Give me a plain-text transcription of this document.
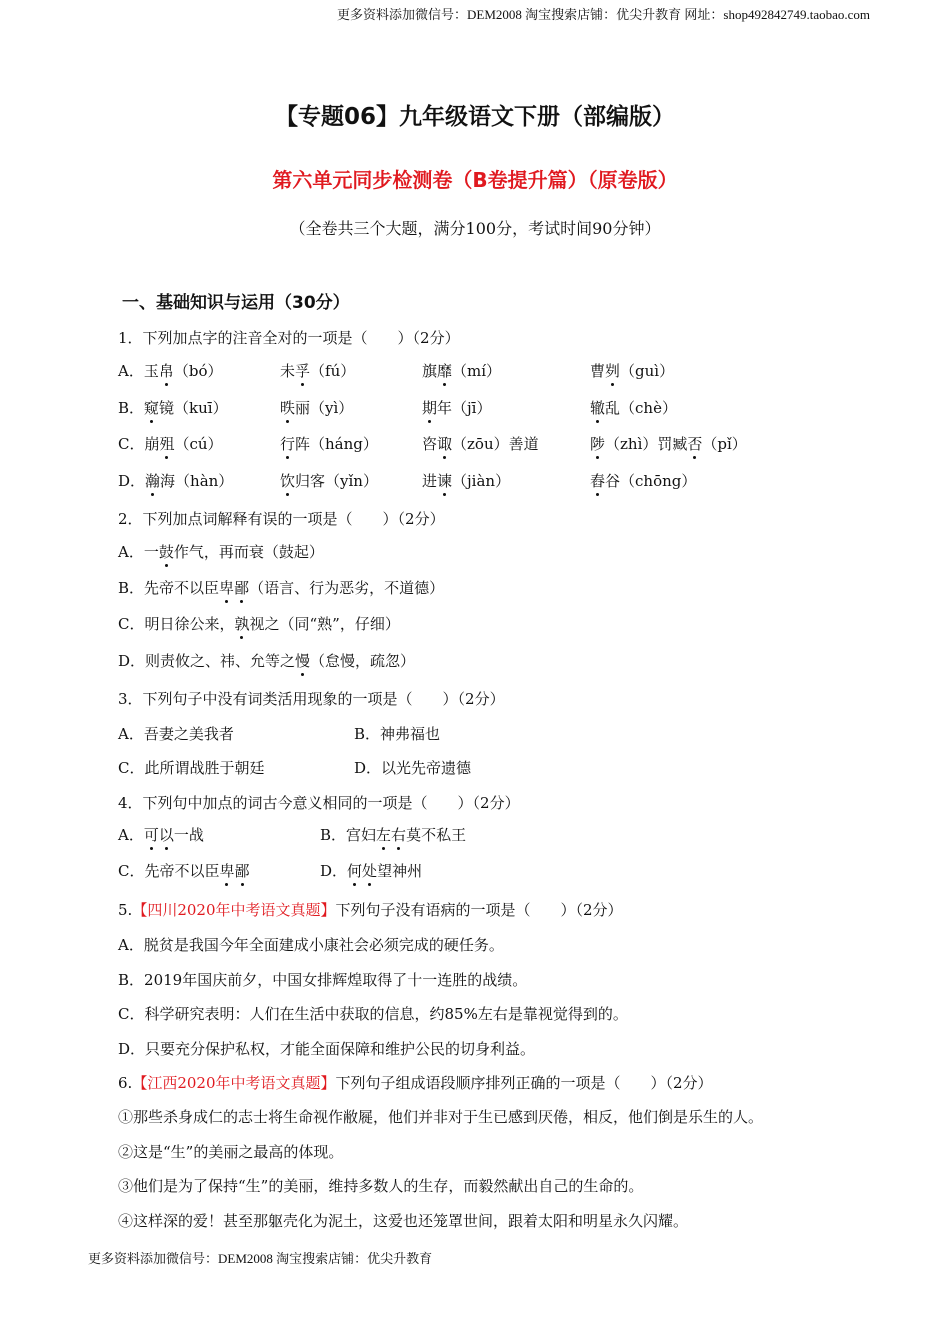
更多资料添加微信号：DEM2008 淘宝搜索店铺：优尖升教育 网址：shop492842749.taobao.com
【专题06】九年级语文下册（部编版）
第六单元同步检测卷（B卷提升篇）（原卷版）
（全卷共三个大题，满分100分，考试时间90分钟）
一、基础知识与运用（30分）
1．下列加点字的注音全对的一项是（　　）（2分）
A．玉帛（bó）	未孚（fú）	旗靡（mí）	曹刿（guì）
B．窥镜（kuī）	昳丽（yì）	期年（jī）	辙乱（chè）
C．崩殂（cú）	行阵（háng）	咨诹（zōu）善道	陟（zhì）罚臧否（pǐ）
D．瀚海（hàn）	饮归客（yǐn）	进谏（jiàn）	舂谷（chōng）
2．下列加点词解释有误的一项是（　　）（2分）
A．一鼓作气，再而衰（鼓起）
B．先帝不以臣卑鄙（语言、行为恶劣，不道德）
C．明日徐公来，孰视之（同“熟”，仔细）
D．则责攸之、祎、允等之慢（怠慢，疏忽）
3．下列句子中没有词类活用现象的一项是（　　）（2分）
A．吾妻之美我者	B．神弗福也
C．此所谓战胜于朝廷	D．以光先帝遗德
4．下列句中加点的词古今意义相同的一项是（　　）（2分）
A．可以一战	B．宫妇左右莫不私王
C．先帝不以臣卑鄙	D．何处望神州
5.【四川2020年中考语文真题】下列句子没有语病的一项是（　　）（2分）
A．脱贫是我国今年全面建成小康社会必须完成的硬任务。
B．2019年国庆前夕，中国女排辉煌取得了十一连胜的战绩。
C．科学研究表明：人们在生活中获取的信息，约85%左右是靠视觉得到的。
D．只要充分保护私权，才能全面保障和维护公民的切身利益。
6.【江西2020年中考语文真题】下列句子组成语段顺序排列正确的一项是（　　）（2分）
①那些杀身成仁的志士将生命视作敝屣，他们并非对于生已感到厌倦，相反，他们倒是乐生的人。
②这是“生”的美丽之最高的体现。
③他们是为了保持“生”的美丽，维持多数人的生存，而毅然献出自己的生命的。
④这样深的爱！甚至那躯壳化为泥土，这爱也还笼罩世间，跟着太阳和明星永久闪耀。
更多资料添加微信号：DEM2008 淘宝搜索店铺：优尖升教育
